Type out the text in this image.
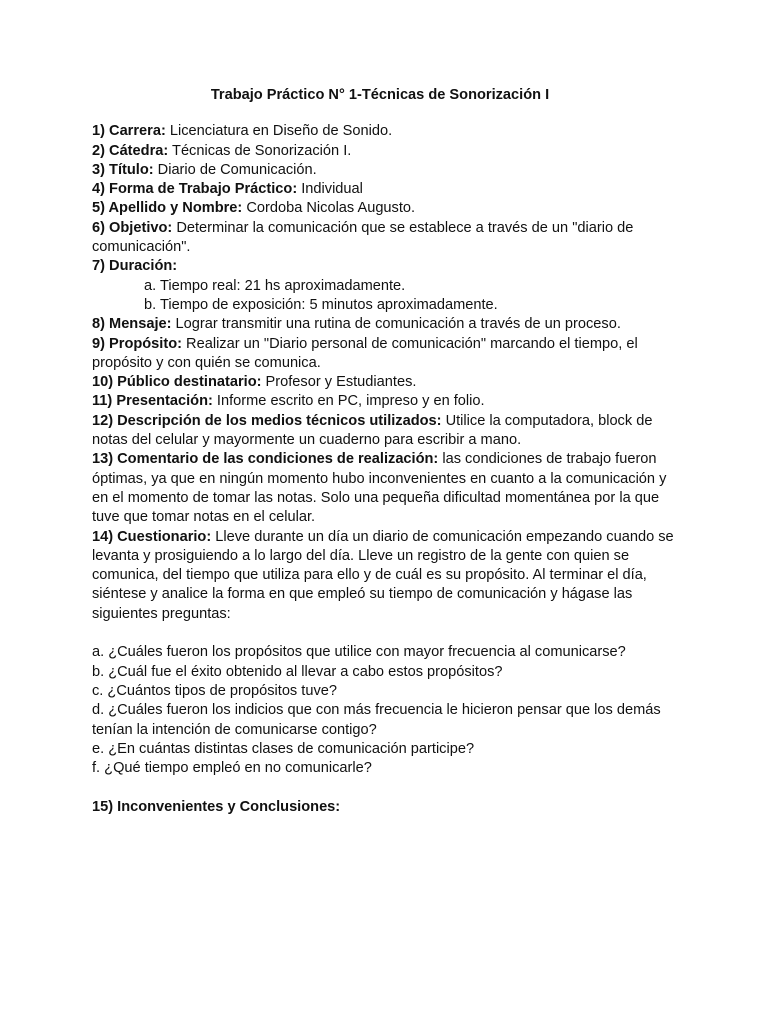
Trabajo Práctico N° 1-Técnicas de Sonorización I

1) Carrera: Licenciatura en Diseño de Sonido.

2) Cátedra: Técnicas de Sonorización I.

3) Título: Diario de Comunicación.

4) Forma de Trabajo Práctico: Individual

5) Apellido y Nombre: Cordoba Nicolas Augusto.

6) Objetivo: Determinar la comunicación que se establece a través de un "diario de comunicación".

7) Duración:

a. Tiempo real: 21 hs aproximadamente.

b. Tiempo de exposición: 5 minutos aproximadamente.

8) Mensaje: Lograr transmitir una rutina de comunicación a través de un proceso.

9) Propósito: Realizar un "Diario personal de comunicación" marcando el tiempo, el propósito y con quién se comunica.

10) Público destinatario: Profesor y Estudiantes.

11) Presentación: Informe escrito en PC, impreso y en folio.

12) Descripción de los medios técnicos utilizados: Utilice la computadora, block de notas del celular y mayormente un cuaderno para escribir a mano.

13) Comentario de las condiciones de realización: las condiciones de trabajo fueron óptimas, ya que en ningún momento hubo inconvenientes en cuanto a la comunicación y en el momento de tomar las notas. Solo una pequeña dificultad momentánea por la que tuve que tomar notas en el celular.

14) Cuestionario: Lleve durante un día un diario de comunicación empezando cuando se levanta y prosiguiendo a lo largo del día. Lleve un registro de la gente con quien se comunica, del tiempo que utiliza para ello y de cuál es su propósito. Al terminar el día, siéntese y analice la forma en que empleó su tiempo de comunicación y hágase las siguientes preguntas:

a. ¿Cuáles fueron los propósitos que utilice con mayor frecuencia al comunicarse?

b. ¿Cuál fue el éxito obtenido al llevar a cabo estos propósitos?

c. ¿Cuántos tipos de propósitos tuve?

d. ¿Cuáles fueron los indicios que con más frecuencia le hicieron pensar que los demás tenían la intención de comunicarse contigo?

e. ¿En cuántas distintas clases de comunicación participe?

f. ¿Qué tiempo empleó en no comunicarle?

15) Inconvenientes y Conclusiones:
